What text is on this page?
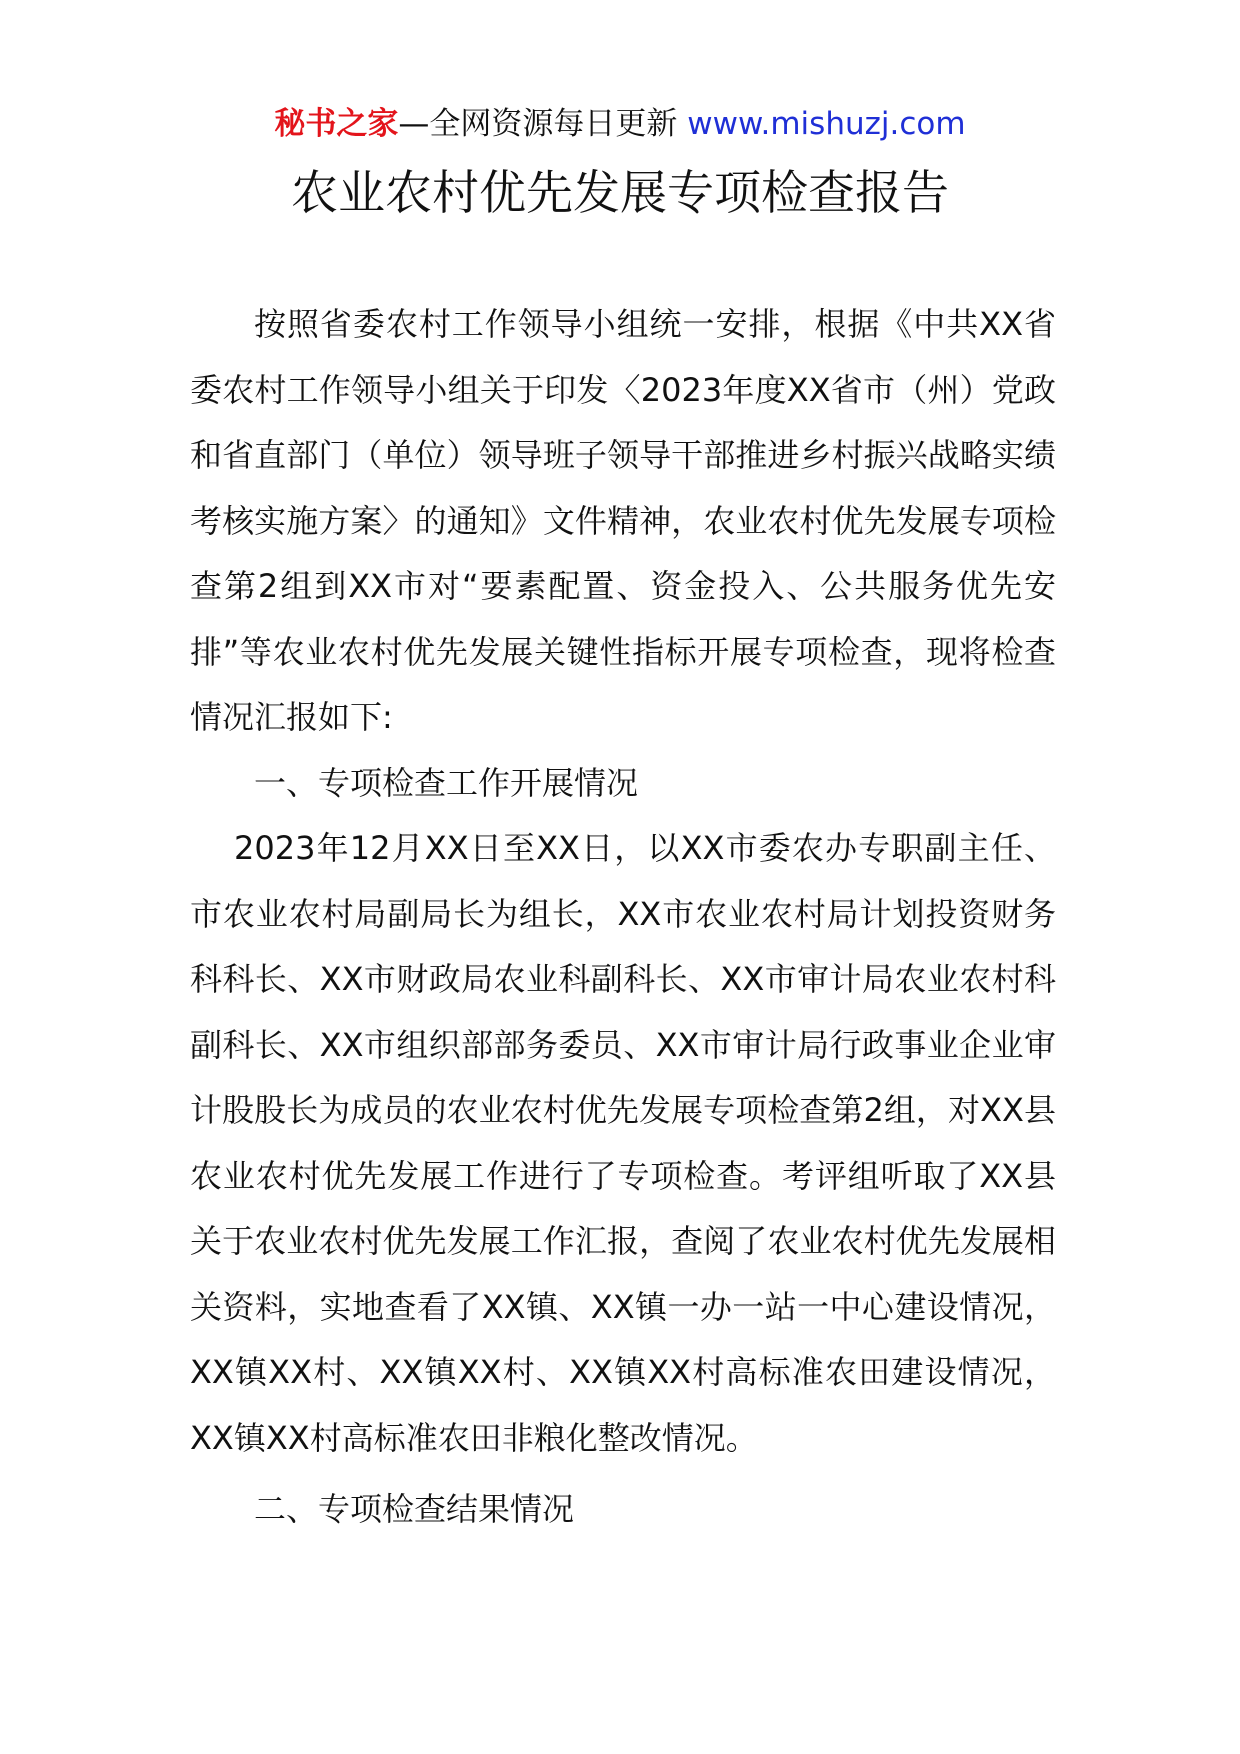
秘书之家—全网资源每日更新 www.mishuzj.com
农业农村优先发展专项检查报告

按照省委农村工作领导小组统一安排，根据《中共XX省委农村工作领导小组关于印发〈2023年度XX省市（州）党政和省直部门（单位）领导班子领导干部推进乡村振兴战略实绩考核实施方案〉的通知》文件精神，农业农村优先发展专项检查第2组到XX市对“要素配置、资金投入、公共服务优先安排”等农业农村优先发展关键性指标开展专项检查，现将检查情况汇报如下:

一、专项检查工作开展情况

2023年12月XX日至XX日，以XX市委农办专职副主任、市农业农村局副局长为组长，XX市农业农村局计划投资财务科科长、XX市财政局农业科副科长、XX市审计局农业农村科副科长、XX市组织部部务委员、XX市审计局行政事业企业审计股股长为成员的农业农村优先发展专项检查第2组，对XX县农业农村优先发展工作进行了专项检查。考评组听取了XX县关于农业农村优先发展工作汇报，查阅了农业农村优先发展相关资料，实地查看了XX镇、XX镇一办一站一中心建设情况，XX镇XX村、XX镇XX村、XX镇XX村高标准农田建设情况，XX镇XX村高标准农田非粮化整改情况。

二、专项检查结果情况
